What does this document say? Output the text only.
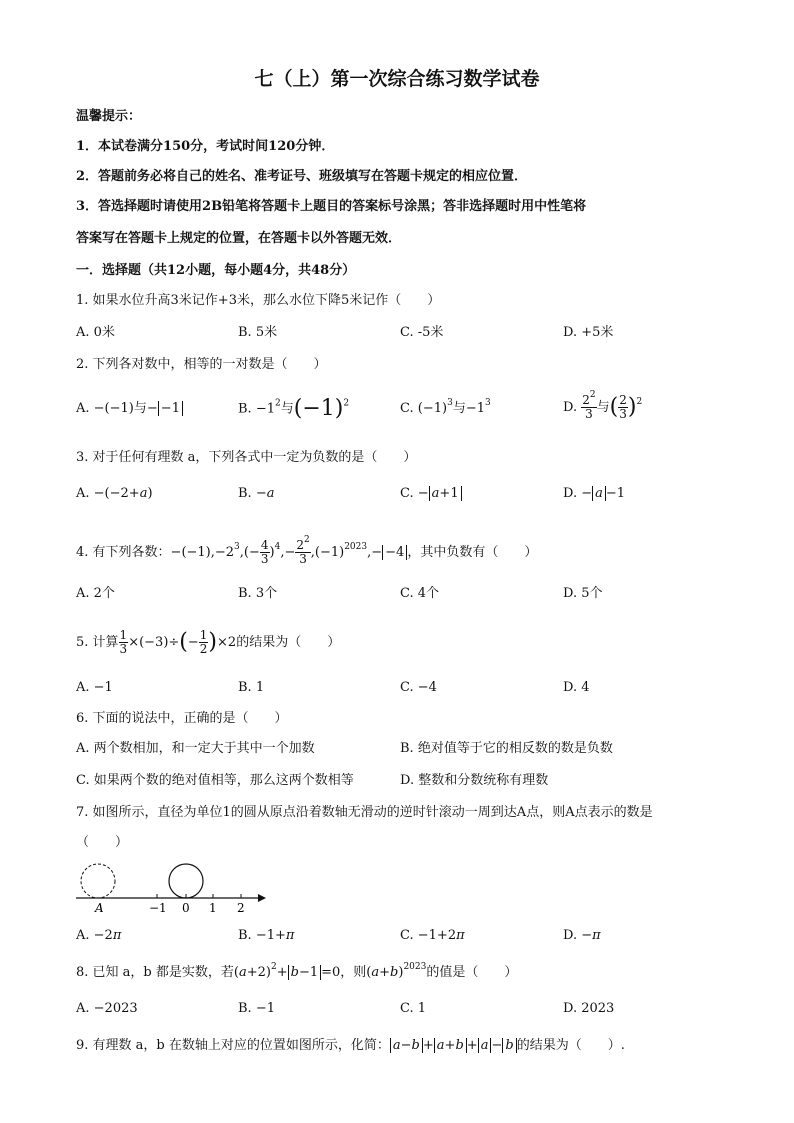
七（上）第一次综合练习数学试卷
温馨提示：
1．本试卷满分150分，考试时间120分钟．
2．答题前务必将自己的姓名、准考证号、班级填写在答题卡规定的相应位置．
3．答选择题时请使用2B铅笔将答题卡上题目的答案标号涂黑；答非选择题时用中性笔将
答案写在答题卡上规定的位置，在答题卡以外答题无效．
一．选择题（共12小题，每小题4分，共48分）
1. 如果水位升高3米记作+3米，那么水位下降5米记作（　　）
A. 0米	B. 5米	C. -5米	D. +5米
2. 下列各对数中，相等的一对数是（　　）
A. −(−1)与− −1	B. $-1^2$与$(-1)^2$	C. $(-1)^3$与$-1^3$	D. $\frac{2^2}{3}$ 与( $\frac{2}{3} )^2$
3. 对于任何有理数 a，下列各式中一定为负数的是（　　）
A. −(−2+a)	B. −a	C. − a+1	D. − a −1
4. 有下列各数：$-(-1),-2^3,(- \frac{4}{3} )^4,- \frac{2^2}{3} ,(-1)^{2023},- -4$ ，其中负数有（　　）
A. 2个	B. 3个	C. 4个	D. 5个
5. 计算 $\frac{1}{3} \times(-3)\div(- \frac{1}{2} )\times 2$的结果为（　　）
A. −1	B. 1	C. −4	D. 4
6. 下面的说法中，正确的是（　　）
A. 两个数相加，和一定大于其中一个加数	B. 绝对值等于它的相反数的数是负数
C. 如果两个数的绝对值相等，那么这两个数相等	D. 整数和分数统称有理数
7. 如图所示，直径为单位1的圆从原点沿着数轴无滑动的逆时针滚动一周到达A点，则A点表示的数是
（　　）
A	−1 0 1 2
A. −2π	B. −1+π	C. −1+2π	D. −π
8. 已知 a，b 都是实数，若$(a+2)^2+ b-1 =0$，则$(a+b)^{2023}$的值是（　　）
A. −2023	B. −1	C. 1	D. 2023
9. 有理数 a，b 在数轴上对应的位置如图所示，化简： a−b + a+b + a − b 的结果为（　　）.
